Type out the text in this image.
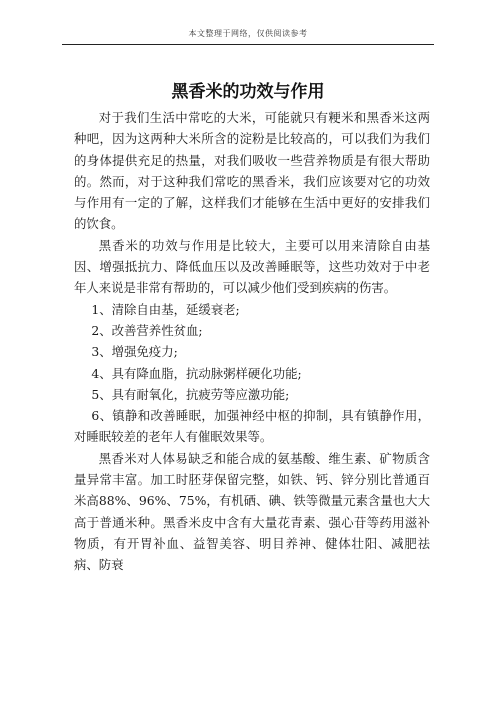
本文整理于网络，仅供阅读参考
黑香米的功效与作用

对于我们生活中常吃的大米，可能就只有粳米和黑香米这两种吧，因为这两种大米所含的淀粉是比较高的，可以我们为我们的身体提供充足的热量，对我们吸收一些营养物质是有很大帮助的。然而，对于这种我们常吃的黑香米，我们应该要对它的功效与作用有一定的了解，这样我们才能够在生活中更好的安排我们的饮食。

黑香米的功效与作用是比较大，主要可以用来清除自由基因、增强抵抗力、降低血压以及改善睡眠等，这些功效对于中老年人来说是非常有帮助的，可以减少他们受到疾病的伤害。

1、清除自由基，延缓衰老;

2、改善营养性贫血;

3、增强免疫力;

4、具有降血脂，抗动脉粥样硬化功能;

5、具有耐氧化，抗疲劳等应激功能;

6、镇静和改善睡眠，加强神经中枢的抑制，具有镇静作用，对睡眠较差的老年人有催眠效果等。

黑香米对人体易缺乏和能合成的氨基酸、维生素、矿物质含量异常丰富。加工时胚芽保留完整，如铁、钙、锌分别比普通百米高88%、96%、75%，有机硒、碘、铁等微量元素含量也大大高于普通米种。黑香米皮中含有大量花青素、强心苷等药用滋补物质，有开胃补血、益智美容、明目养神、健体壮阳、减肥祛病、防衰
